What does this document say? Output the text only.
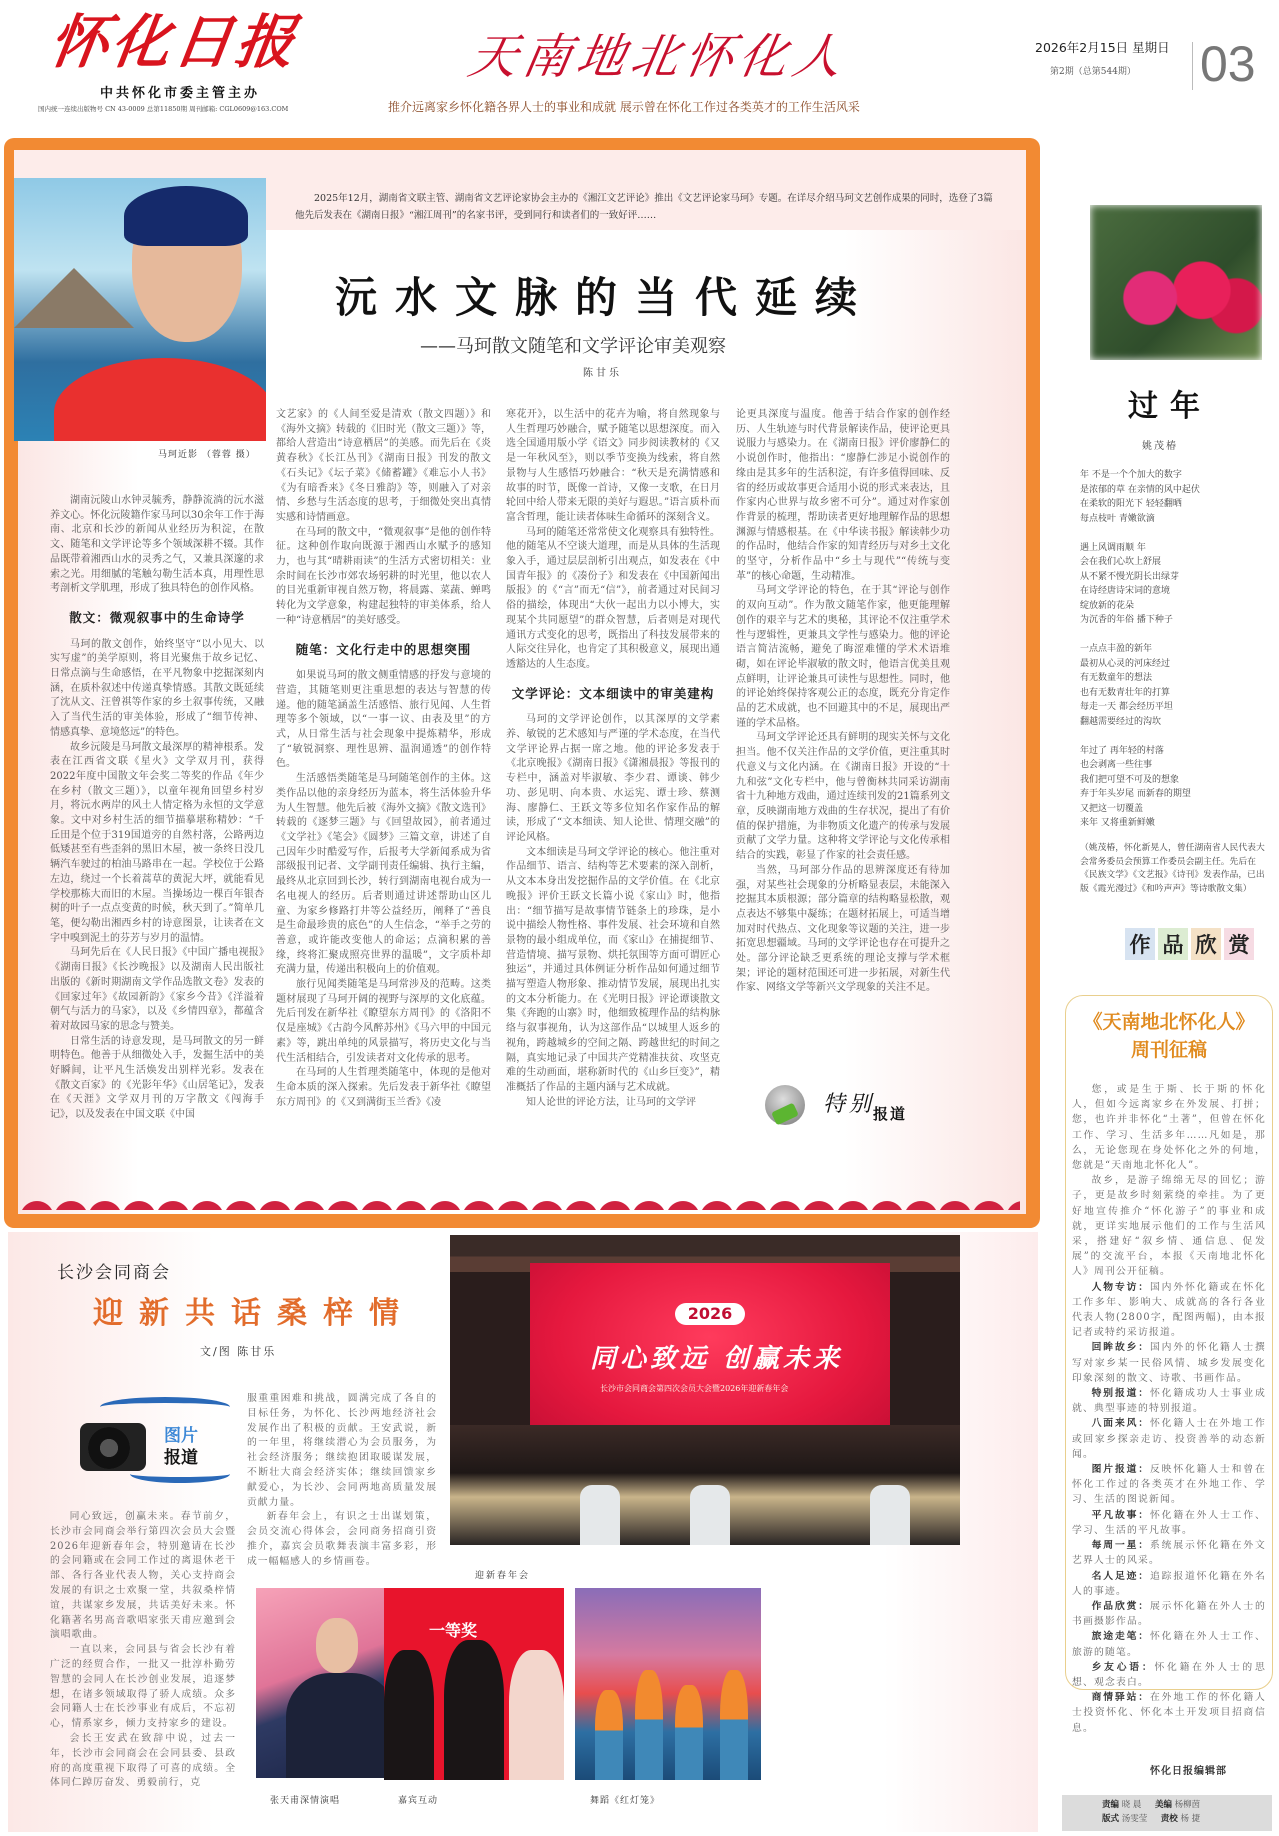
怀化日报
中共怀化市委主管主办
国内统一连续出版物号 CN 43-0009 总第11850期 周刊邮箱: CGL0609@163.COM
天南地北怀化人
推介远离家乡怀化籍各界人士的事业和成就 展示曾在怀化工作过各类英才的工作生活风采
2026年2月15日 星期日
第2期（总第544期） 03
马珂近影 （蓉蓉 摄）
2025年12月，湖南省文联主管、湖南省文艺评论家协会主办的《湘江文艺评论》推出《文艺评论家马珂》专题。在详尽介绍马珂文艺创作成果的同时，选登了3篇他先后发表在《湖南日报》“湘江周刊”的名家书评，受到同行和读者们的一致好评……
沅水文脉的当代延续
——马珂散文随笔和文学评论审美观察
陈甘乐

湖南沅陵山水钟灵毓秀，静静流淌的沅水滋养文心。怀化沅陵籍作家马珂以30余年工作于海南、北京和长沙的新闻从业经历为积淀，在散文、随笔和文学评论等多个领域深耕不辍。其作品既带着湘西山水的灵秀之气，又兼具深邃的求索之光。用细腻的笔触勾勒生活本真，用理性思考剖析文学肌理，形成了独具特色的创作风格。

散文：微观叙事中的生命诗学

马珂的散文创作，始终坚守“以小见大、以实写虚”的美学原则，将目光聚焦于故乡记忆、日常点滴与生命感悟，在平凡物象中挖掘深刻内涵，在质朴叙述中传递真挚情感。其散文既延续了沈从文、汪曾祺等作家的乡土叙事传统，又融入了当代生活的审美体验，形成了“细节传神、情感真挚、意境悠远”的特色。

故乡沅陵是马珂散文最深厚的精神根系。发表在江西省文联《星火》文学双月刊，获得2022年度中国散文年会奖二等奖的作品《年少在乡村（散文三题）》，以童年视角回望乡村岁月，将沅水两岸的风土人情定格为永恒的文学意象。文中对乡村生活的细节描摹堪称精妙：“千丘田是个位于319国道旁的自然村落，公路两边低矮甚至有些歪斜的黑旧木屋，被一条终日没几辆汽车驶过的柏油马路串在一起。学校位于公路左边，绕过一个长着蒿草的黄泥大坪，就能看见学校那栋大而旧的木屋。当操场边一棵百年银杏树的叶子一点点变黄的时候，秋天到了。”简单几笔，便勾勒出湘西乡村的诗意图景，让读者在文字中嗅到泥土的芬芳与岁月的温情。

马珂先后在《人民日报》《中国广播电视报》《湖南日报》《长沙晚报》以及湖南人民出版社出版的《新时期湖南文学作品选散文卷》发表的《回家过年》《故园新韵》《家乡今昔》《洋溢着朝气与活力的马家》，以及《乡情四章》，都蕴含着对故园马家的思念与赞美。

日常生活的诗意发现，是马珂散文的另一鲜明特色。他善于从细微处入手，发掘生活中的美好瞬间，让平凡生活焕发出别样光彩。发表在《散文百家》的《光影年华》《山居笔记》，发表在《天涯》文学双月刊的万字散文《闯海手记》，以及发表在中国文联《中国

文艺家》的《人间至爱是清欢（散文四题）》和《海外文摘》转载的《旧时光（散文三题）》等，都给人营造出“诗意栖居”的美感。而先后在《炎黄春秋》《长江丛刊》《湖南日报》刊发的散文《石头记》《坛子菜》《储蓄罐》《难忘小人书》《为有暗香来》《冬日雅韵》等，则融入了对亲情、乡愁与生活态度的思考，于细微处突出真情实感和诗情画意。

在马珂的散文中，“微观叙事”是他的创作特征。这种创作取向既源于湘西山水赋予的感知力，也与其“晴耕雨读”的生活方式密切相关：业余时间在长沙市郊农场躬耕的时光里，他以农人的目光重新审视自然万物，将晨露、菜蔬、蝉鸣转化为文学意象，构建起独特的审美体系，给人一种“诗意栖居”的美好感受。

随笔：文化行走中的思想突围

如果说马珂的散文侧重情感的抒发与意境的营造，其随笔则更注重思想的表达与智慧的传递。他的随笔涵盖生活感悟、旅行见闻、人生哲理等多个领域，以“一事一议、由表及里”的方式，从日常生活与社会现象中提炼精华，形成了“敏锐洞察、理性思辨、温润通透”的创作特色。

生活感悟类随笔是马珂随笔创作的主体。这类作品以他的亲身经历为蓝本，将生活体验升华为人生智慧。他先后被《海外文摘》《散文选刊》转载的《逐梦三题》与《回望故园》，前者通过《文学社》《笔会》《圆梦》三篇文章，讲述了自己因年少时酷爱写作，后报考大学新闻系成为省部级报刊记者、文学副刊责任编辑、执行主编，最终从北京回到长沙，转行到湖南电视台成为一名电视人的经历。后者则通过讲述帮助山区儿童、为家乡修路打井等公益经历，阐释了“善良是生命最珍贵的底色”的人生信念，“举手之劳的善意，或许能改变他人的命运；点滴积累的善缘，终将汇聚成照亮世界的温暖”，文字质朴却充满力量，传递出积极向上的价值观。

旅行见闻类随笔是马珂常涉及的范畴。这类题材展现了马珂开阔的视野与深厚的文化底蕴。先后刊发在新华社《瞭望东方周刊》的《洛阳不仅是座城》《古韵今风醉苏州》《马六甲的中国元素》等，跳出单纯的风景描写，将历史文化与当代生活相结合，引发读者对文化传承的思考。

在马珂的人生哲理类随笔中，体现的是他对生命本质的深入探索。先后发表于新华社《瞭望东方周刊》的《又到满街玉兰香》《凌

寒花开》，以生活中的花卉为喻，将自然现象与人生哲理巧妙融合，赋予随笔以思想深度。而入选全国通用版小学《语文》同步阅读教材的《又是一年秋风至》，则以季节变换为线索，将自然景物与人生感悟巧妙融合：“秋天是充满情感和故事的时节，既像一首诗，又像一支歌，在日月轮回中给人带来无限的美好与遐思。”语言质朴而富含哲理，能让读者体味生命循环的深刻含义。

马珂的随笔还常常使文化观察具有独特性。他的随笔从不空谈大道理，而是从具体的生活现象入手，通过层层剖析引出观点，如发表在《中国青年报》的《凑份子》和发表在《中国新闻出版报》的《“言”而无“信”》，前者通过对民间习俗的描绘，体现出“大伙一起出力以小博大，实现某个共同愿望”的群众智慧，后者则是对现代通讯方式变化的思考，既指出了科技发展带来的人际交往异化，也肯定了其积极意义，展现出通透豁达的人生态度。

文学评论：文本细读中的审美建构

马珂的文学评论创作，以其深厚的文学素养、敏锐的艺术感知与严谨的学术态度，在当代文学评论界占据一席之地。他的评论多发表于《北京晚报》《湖南日报》《潇湘晨报》等报刊的专栏中，涵盖对毕淑敏、李少君、谭谈、韩少功、彭见明、向本贵、水运宪、谭士珍、蔡测海、廖静仁、王跃文等多位知名作家作品的解读，形成了“文本细读、知人论世、情理交融”的评论风格。

文本细读是马珂文学评论的核心。他注重对作品细节、语言、结构等艺术要素的深入剖析，从文本本身出发挖掘作品的文学价值。在《北京晚报》评价王跃文长篇小说《家山》时，他指出：“细节描写是故事情节链条上的珍珠，是小说中描绘人物性格、事件发展、社会环境和自然景物的最小组成单位，而《家山》在捕捉细节、营造情境、描写景物、烘托氛围等方面可谓匠心独运”，并通过具体例证分析作品如何通过细节描写塑造人物形象、推动情节发展，展现出扎实的文本分析能力。在《光明日报》评论谭谈散文集《奔跑的山寨》时，他细致梳理作品的结构脉络与叙事视角，认为这部作品“以城里人返乡的视角，跨越城乡的空间之隔、跨越世纪的时间之隔，真实地记录了中国共产党精准扶贫、攻坚克难的生动画面，堪称新时代的《山乡巨变》”，精准概括了作品的主题内涵与艺术成就。

知人论世的评论方法，让马珂的文学评

论更具深度与温度。他善于结合作家的创作经历、人生轨迹与时代背景解读作品，使评论更具说服力与感染力。在《湖南日报》评价廖静仁的小说创作时，他指出：“廖静仁涉足小说创作的缘由是其多年的生活积淀，有许多值得回味、反省的经历或故事更合适用小说的形式来表达，且作家内心世界与故乡密不可分”。通过对作家创作背景的梳理，帮助读者更好地理解作品的思想渊源与情感根基。在《中华读书报》解读韩少功的作品时，他结合作家的知青经历与对乡土文化的坚守，分析作品中“乡土与现代”“传统与变革”的核心命题，生动精准。

马珂文学评论的特色，在于其“评论与创作的双向互动”。作为散文随笔作家，他更能理解创作的艰辛与艺术的奥秘，其评论不仅注重学术性与逻辑性，更兼具文学性与感染力。他的评论语言简洁流畅，避免了晦涩难懂的学术术语堆砌，如在评论毕淑敏的散文时，他语言优美且观点鲜明，让评论兼具可读性与思想性。同时，他的评论始终保持客观公正的态度，既充分肯定作品的艺术成就，也不回避其中的不足，展现出严谨的学术品格。

马珂文学评论还具有鲜明的现实关怀与文化担当。他不仅关注作品的文学价值，更注重其时代意义与文化内涵。在《湖南日报》开设的“十九和弦”文化专栏中，他与曾衡林共同采访湖南省十九种地方戏曲，通过连续刊发的21篇系列文章，反映湖南地方戏曲的生存状况，提出了有价值的保护措施，为非物质文化遗产的传承与发展贡献了文学力量。这种将文学评论与文化传承相结合的实践，彰显了作家的社会责任感。

当然，马珂部分作品的思辨深度还有待加强，对某些社会现象的分析略显表层，未能深入挖掘其本质根源；部分篇章的结构略显松散，观点表达不够集中凝练；在题材拓展上，可适当增加对时代热点、文化现象等议题的关注，进一步拓宽思想疆域。马珂的文学评论也存在可提升之处。部分评论缺乏更系统的理论支撑与学术框架；评论的题材范围还可进一步拓展，对新生代作家、网络文学等新兴文学现象的关注不足。

特别
报道
过年
姚茂椿
年 不是一个个加大的数字
是浓郁的草 在亲情的风中起伏
在柔软的阳光下 轻轻翻晒
每点枝叶 青嫩欲滴
遇上风调雨顺 年
会在我们心坎上舒展
从不紧不慢光阴长出绿芽
在诗经唐诗宋词的意境
绽放新的花朵
为沉香的年俗 播下种子
一点点丰盈的新年
最初从心灵的河床经过
有无数童年的想法
也有无数青壮年的打算
每走一天 都会经历平坦
翻越需要经过的沟坎
年过了 再年轻的村落
也会剥离一些往事
我们把可望不可及的想象
弃于年头岁尾 而新春的期望
又把这一切覆盖
来年 又将重新鲜嫩
（姚茂椿，怀化新晃人，曾任湖南省人民代表大会常务委员会预算工作委员会副主任。先后在《民族文学》《文艺报》《诗刊》发表作品，已出版《霞光漫过》《和吟声声》等诗歌散文集）
作 品 欣 赏
《天南地北怀化人》
周刊征稿

您，或是生于斯、长于斯的怀化人，但如今远离家乡在外发展、打拼；您，也许并非怀化“土著”，但曾在怀化工作、学习、生活多年……凡如是，那么，无论您现在身处怀化之外的何地，您就是“天南地北怀化人”。

故乡，是游子绵绵无尽的回忆；游子，更是故乡时刻萦绕的牵挂。为了更好地宣传推介“怀化游子”的事业和成就，更详实地展示他们的工作与生活风采，搭建好“叙乡情、通信息、促发展”的交流平台，本报《天南地北怀化人》周刊公开征稿。

人物专访：国内外怀化籍或在怀化工作多年、影响大、成就高的各行各业代表人物(2800字，配图两幅)，由本报记者或特约采访报道。

回眸故乡：国内外的怀化籍人士撰写对家乡某一民俗风情、城乡发展变化印象深刻的散文、诗歌、书画作品。

特别报道：怀化籍成功人士事业成就、典型事迹的特别报道。

八面来风：怀化籍人士在外地工作或回家乡探亲走访、投资善举的动态新闻。

图片报道：反映怀化籍人士和曾在怀化工作过的各类英才在外地工作、学习、生活的图说新闻。

平凡故事：怀化籍在外人士工作、学习、生活的平凡故事。

每周一星：系统展示怀化籍在外文艺界人士的风采。

名人足迹：追踪报道怀化籍在外名人的事迹。

作品欣赏：展示怀化籍在外人士的书画摄影作品。

旅途走笔：怀化籍在外人士工作、旅游的随笔。

乡友心语：怀化籍在外人士的思想、观念表白。

商情驿站：在外地工作的怀化籍人士投资怀化、怀化本土开发项目招商信息。

怀化日报编辑部
责编 晓 晨 美编 杨柳茵
版式 汤雯莹 责校 杨 捷
长沙会同商会
迎新共话桑梓情
文/图 陈甘乐
图片
报道

同心致远，创赢未来。春节前夕，长沙市会同商会举行第四次会员大会暨2026年迎新春年会，特别邀请在长沙的会同籍或在会同工作过的离退休老干部、各行各业代表人物，关心支持商会发展的有识之士欢聚一堂，共叙桑梓情谊，共谋家乡发展，共话美好未来。怀化籍著名男高音歌唱家张天甫应邀到会演唱歌曲。

一直以来，会同县与省会长沙有着广泛的经贸合作，一批又一批淳朴勤劳智慧的会同人在长沙创业发展，追逐梦想，在诸多领域取得了骄人成绩。众多会同籍人士在长沙事业有成后，不忘初心，情系家乡，倾力支持家乡的建设。

会长王安武在致辞中说，过去一年，长沙市会同商会在会同县委、县政府的高度重视下取得了可喜的成绩。全体同仁踔厉奋发、勇毅前行，克

服重重困难和挑战，圆满完成了各自的目标任务，为怀化、长沙两地经济社会发展作出了积极的贡献。王安武说，新的一年里，将继续潜心为会员服务，为社会经济服务；继续抱团取暖谋发展，不断壮大商会经济实体；继续回馈家乡献爱心，为长沙、会同两地高质量发展贡献力量。

新春年会上，有识之士出谋划策，会员交流心得体会，会同商务招商引资推介，嘉宾会员歌舞表演丰富多彩，形成一幅幅感人的乡情画卷。

2026
同心致远 创赢未来
长沙市会同商会第四次会员大会暨2026年迎新春年会
迎新春年会
一等奖
张天甫深情演唱	嘉宾互动	舞蹈《红灯笼》
